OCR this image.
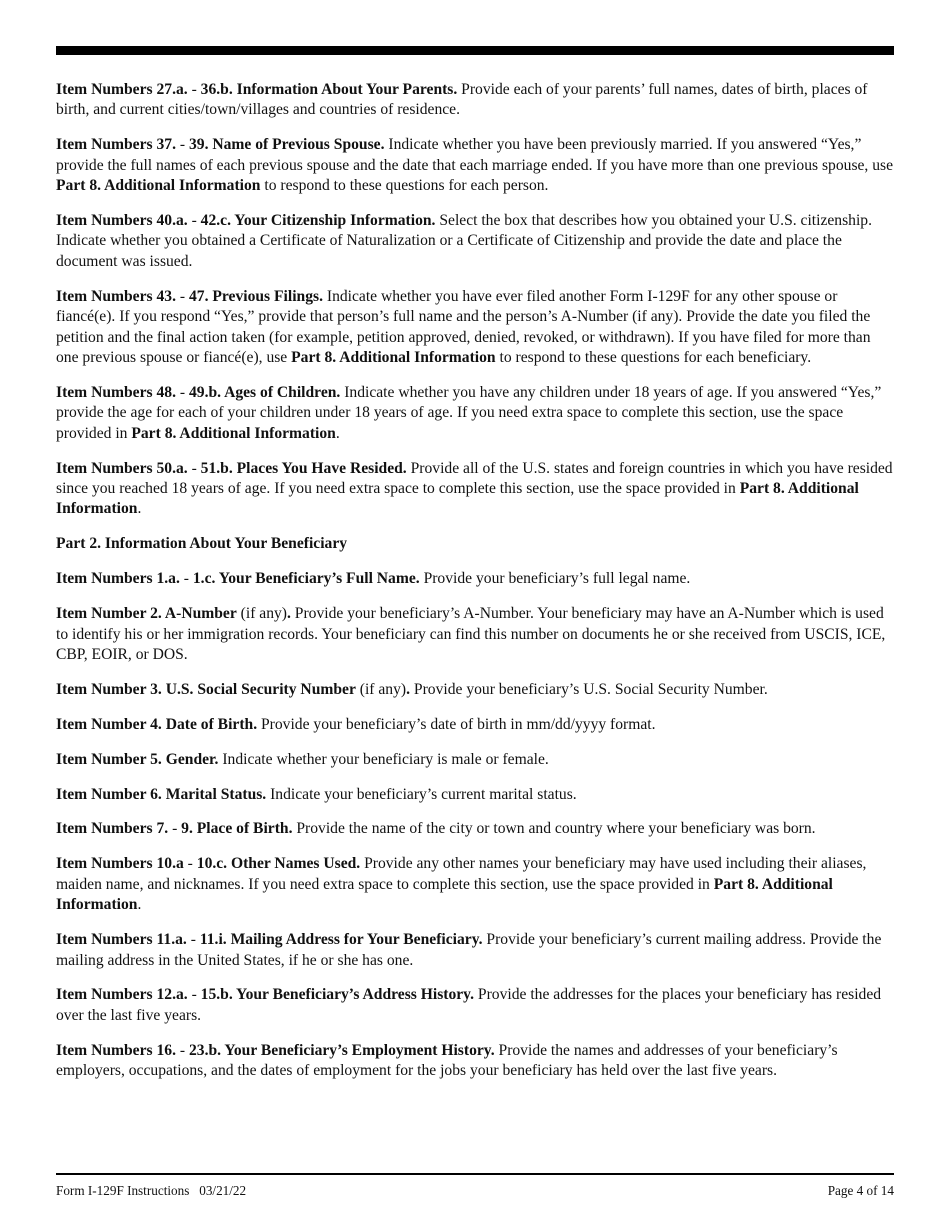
Item Numbers 27.a. - 36.b. Information About Your Parents. Provide each of your parents’ full names, dates of birth, places of birth, and current cities/town/villages and countries of residence.

Item Numbers 37. - 39. Name of Previous Spouse. Indicate whether you have been previously married. If you answered “Yes,” provide the full names of each previous spouse and the date that each marriage ended. If you have more than one previous spouse, use Part 8. Additional Information to respond to these questions for each person.

Item Numbers 40.a. - 42.c. Your Citizenship Information. Select the box that describes how you obtained your U.S. citizenship. Indicate whether you obtained a Certificate of Naturalization or a Certificate of Citizenship and provide the date and place the document was issued.

Item Numbers 43. - 47. Previous Filings. Indicate whether you have ever filed another Form I-129F for any other spouse or fiancé(e). If you respond “Yes,” provide that person’s full name and the person’s A-Number (if any). Provide the date you filed the petition and the final action taken (for example, petition approved, denied, revoked, or withdrawn). If you have filed for more than one previous spouse or fiancé(e), use Part 8. Additional Information to respond to these questions for each beneficiary.

Item Numbers 48. - 49.b. Ages of Children. Indicate whether you have any children under 18 years of age. If you answered “Yes,” provide the age for each of your children under 18 years of age. If you need extra space to complete this section, use the space provided in Part 8. Additional Information.

Item Numbers 50.a. - 51.b. Places You Have Resided. Provide all of the U.S. states and foreign countries in which you have resided since you reached 18 years of age. If you need extra space to complete this section, use the space provided in Part 8. Additional Information.

Part 2. Information About Your Beneficiary

Item Numbers 1.a. - 1.c. Your Beneficiary’s Full Name. Provide your beneficiary’s full legal name.

Item Number 2. A-Number (if any). Provide your beneficiary’s A-Number. Your beneficiary may have an A-Number which is used to identify his or her immigration records. Your beneficiary can find this number on documents he or she received from USCIS, ICE, CBP, EOIR, or DOS.

Item Number 3. U.S. Social Security Number (if any). Provide your beneficiary’s U.S. Social Security Number.

Item Number 4. Date of Birth. Provide your beneficiary’s date of birth in mm/dd/yyyy format.

Item Number 5. Gender. Indicate whether your beneficiary is male or female.

Item Number 6. Marital Status. Indicate your beneficiary’s current marital status.

Item Numbers 7. - 9. Place of Birth. Provide the name of the city or town and country where your beneficiary was born.

Item Numbers 10.a - 10.c. Other Names Used. Provide any other names your beneficiary may have used including their aliases, maiden name, and nicknames. If you need extra space to complete this section, use the space provided in Part 8. Additional Information.

Item Numbers 11.a. - 11.i. Mailing Address for Your Beneficiary. Provide your beneficiary’s current mailing address. Provide the mailing address in the United States, if he or she has one.

Item Numbers 12.a. - 15.b. Your Beneficiary’s Address History. Provide the addresses for the places your beneficiary has resided over the last five years.

Item Numbers 16. - 23.b. Your Beneficiary’s Employment History. Provide the names and addresses of your beneficiary’s employers, occupations, and the dates of employment for the jobs your beneficiary has held over the last five years.

Form I-129F Instructions   03/21/22	Page 4 of 14
